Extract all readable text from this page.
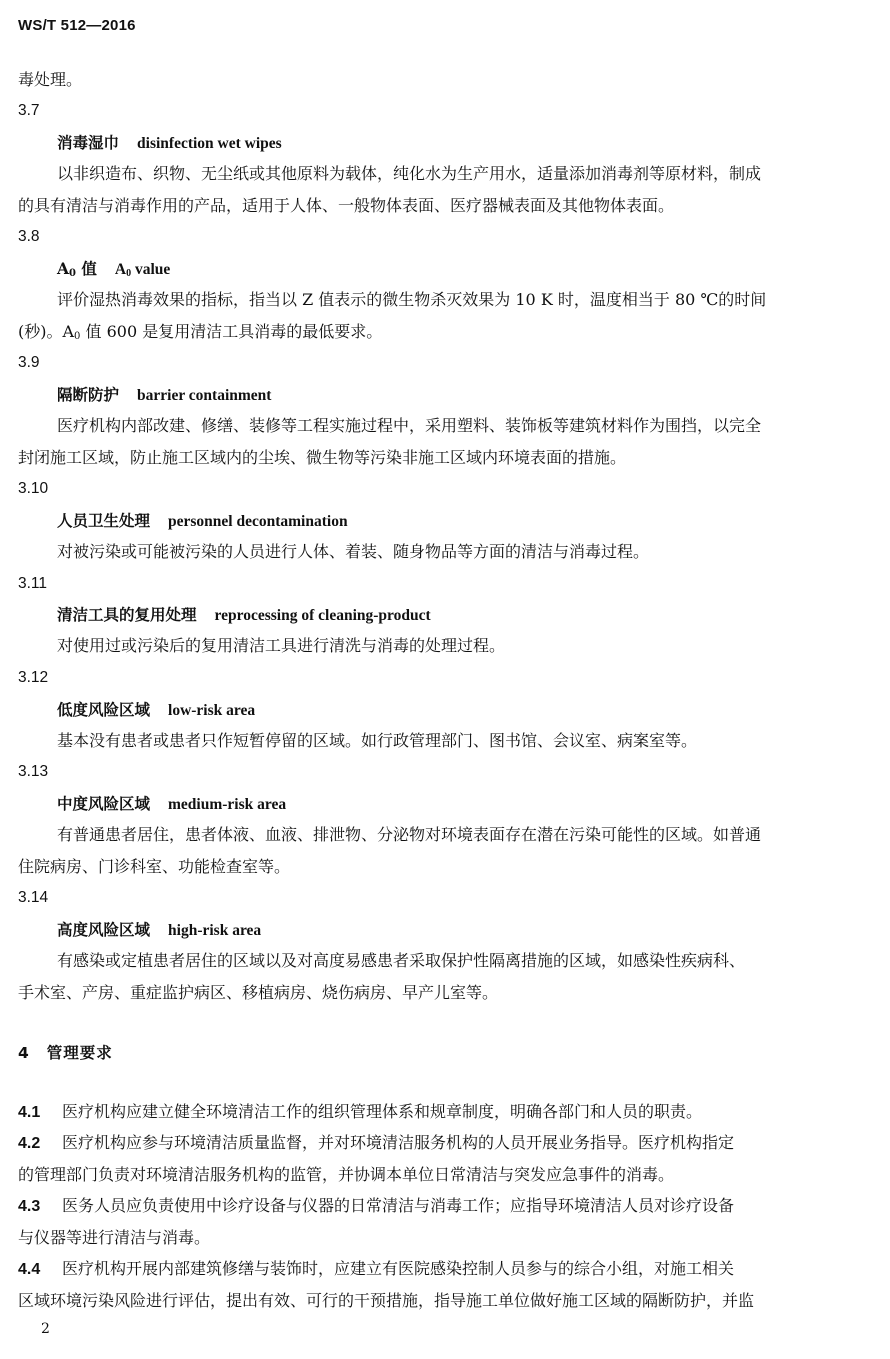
WS/T 512—2016
毒处理。
3.7
消毒湿巾 disinfection wet wipes
以非织造布、织物、无尘纸或其他原料为载体，纯化水为生产用水，适量添加消毒剂等原材料，制成
的具有清洁与消毒作用的产品，适用于人体、一般物体表面、医疗器械表面及其他物体表面。
3.8
$A_0$ 值 $A_0$ value
评价湿热消毒效果的指标，指当以 Z 值表示的微生物杀灭效果为 10 K 时，温度相当于 80 ℃的时间
(秒)。$A_0$ 值 600 是复用清洁工具消毒的最低要求。
3.9
隔断防护 barrier containment
医疗机构内部改建、修缮、装修等工程实施过程中，采用塑料、装饰板等建筑材料作为围挡，以完全
封闭施工区域，防止施工区域内的尘埃、微生物等污染非施工区域内环境表面的措施。
3.10
人员卫生处理 personnel decontamination
对被污染或可能被污染的人员进行人体、着装、随身物品等方面的清洁与消毒过程。
3.11
清洁工具的复用处理 reprocessing of cleaning-product
对使用过或污染后的复用清洁工具进行清洗与消毒的处理过程。
3.12
低度风险区域 low-risk area
基本没有患者或患者只作短暂停留的区域。如行政管理部门、图书馆、会议室、病案室等。
3.13
中度风险区域 medium-risk area
有普通患者居住，患者体液、血液、排泄物、分泌物对环境表面存在潜在污染可能性的区域。如普通
住院病房、门诊科室、功能检查室等。
3.14
高度风险区域 high-risk area
有感染或定植患者居住的区域以及对高度易感患者采取保护性隔离措施的区域，如感染性疾病科、
手术室、产房、重症监护病区、移植病房、烧伤病房、早产儿室等。
4 管理要求
4.1 医疗机构应建立健全环境清洁工作的组织管理体系和规章制度，明确各部门和人员的职责。
4.2 医疗机构应参与环境清洁质量监督，并对环境清洁服务机构的人员开展业务指导。医疗机构指定
的管理部门负责对环境清洁服务机构的监管，并协调本单位日常清洁与突发应急事件的消毒。
4.3 医务人员应负责使用中诊疗设备与仪器的日常清洁与消毒工作；应指导环境清洁人员对诊疗设备
与仪器等进行清洁与消毒。
4.4 医疗机构开展内部建筑修缮与装饰时，应建立有医院感染控制人员参与的综合小组，对施工相关
区域环境污染风险进行评估，提出有效、可行的干预措施，指导施工单位做好施工区域的隔断防护，并监
2
